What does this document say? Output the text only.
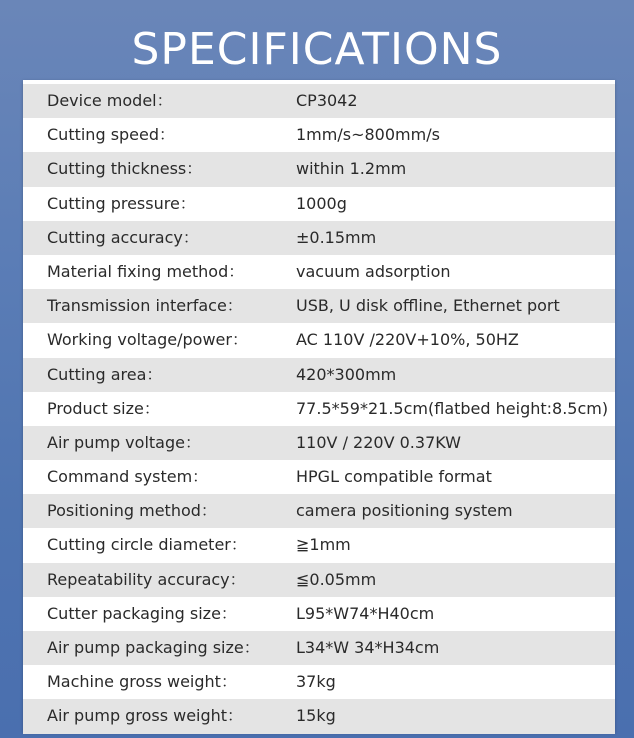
SPECIFICATIONS
Device model：	CP3042
Cutting speed：	1mm/s~800mm/s
Cutting thickness：	within 1.2mm
Cutting pressure：	1000g
Cutting accuracy：	±0.15mm
Material fixing method：	vacuum adsorption
Transmission interface：	USB, U disk offline, Ethernet port
Working voltage/power：	AC 110V /220V+10%, 50HZ
Cutting area：	420*300mm
Product size：	77.5*59*21.5cm(flatbed height:8.5cm)
Air pump voltage：	110V / 220V 0.37KW
Command system：	HPGL compatible format
Positioning method：	camera positioning system
Cutting circle diameter：	≧1mm
Repeatability accuracy：	≦0.05mm
Cutter packaging size：	L95*W74*H40cm
Air pump packaging size： L34*W 34*H34cm
Machine gross weight：	37kg
Air pump gross weight：	15kg
